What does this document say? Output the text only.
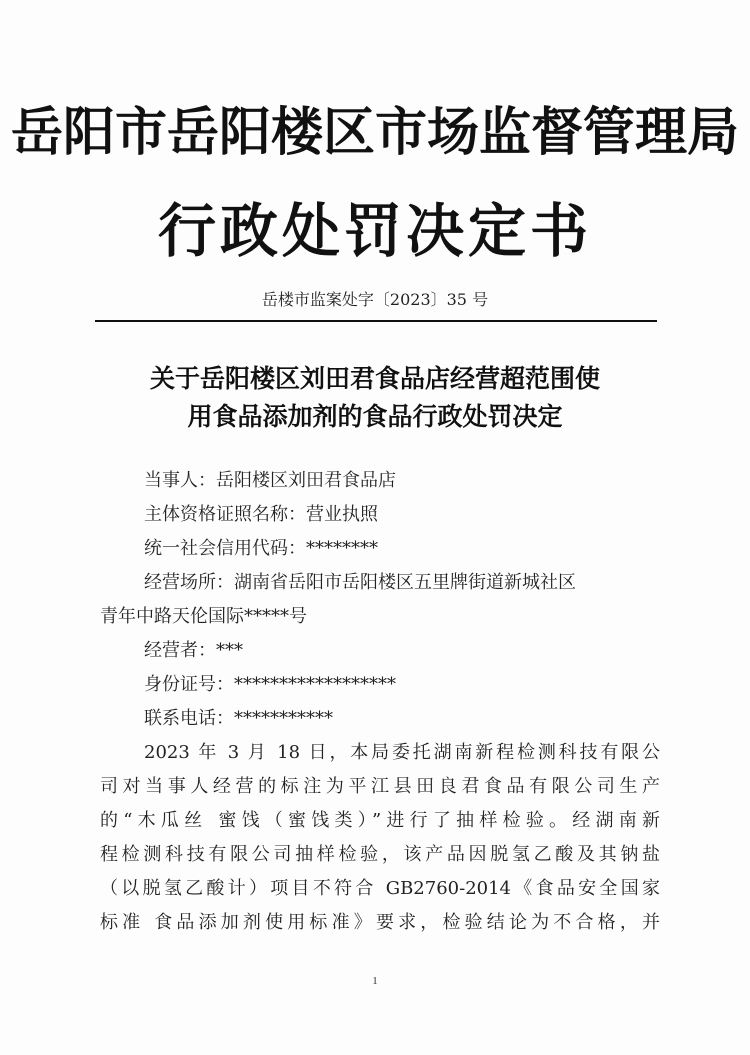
岳阳市岳阳楼区市场监督管理局
行政处罚决定书
岳楼市监案处字〔2023〕35 号
关于岳阳楼区刘田君食品店经营超范围使
用食品添加剂的食品行政处罚决定
当事人：岳阳楼区刘田君食品店
主体资格证照名称：营业执照
统一社会信用代码：********
经营场所：湖南省岳阳市岳阳楼区五里牌街道新城社区
青年中路天伦国际*****号
经营者：***
身份证号：******************
联系电话：***********
2023 年 3 月 18 日，本局委托湖南新程检测科技有限公
司对当事人经营的标注为平江县田良君食品有限公司生产
的“木瓜丝 蜜饯（蜜饯类）”进行了抽样检验。经湖南新
程检测科技有限公司抽样检验，该产品因脱氢乙酸及其钠盐
（以脱氢乙酸计）项目不符合 GB2760-2014《食品安全国家
标准 食品添加剂使用标准》要求，检验结论为不合格，并
1
